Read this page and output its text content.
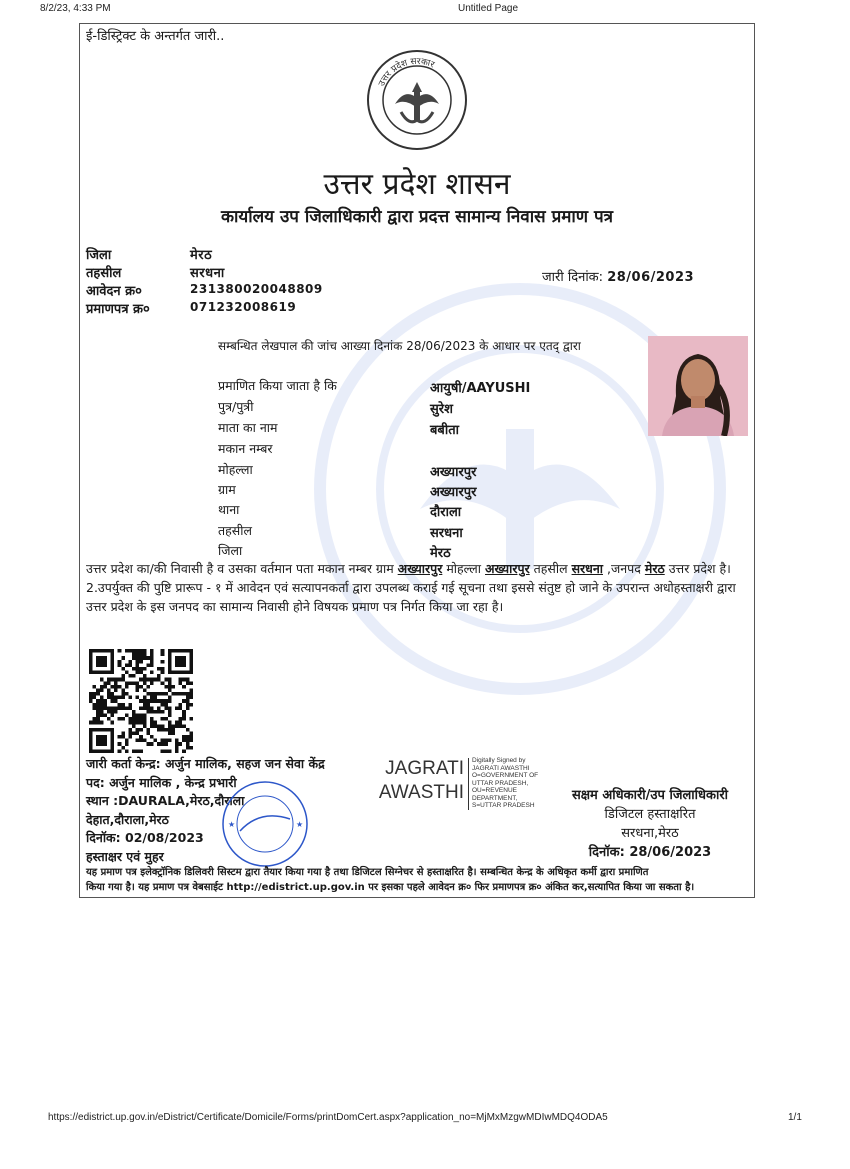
8/2/23, 4:33 PM	Untitled Page
ई-डिस्ट्रिक्ट के अन्तर्गत जारी..
उत्तर प्रदेश सरकार
उत्तर प्रदेश शासन
कार्यालय उप जिलाधिकारी द्वारा प्रदत्त सामान्य निवास प्रमाण पत्र
जिला	मेरठ
तहसील	सरधना
आवेदन क्र०	231380020048809
प्रमाणपत्र क्र०	071232008619
जारी दिनांक: 28/06/2023
सम्बन्धित लेखपाल की जांच आख्या दिनांक 28/06/2023 के आधार पर एतद् द्वारा
प्रमाणित किया जाता है कि	आयुषी/AAYUSHI
पुत्र/पुत्री	सुरेश
माता का नाम	बबीता
मकान नम्बर
मोहल्ला	अख्यारपुर
ग्राम	अख्यारपुर
थाना	दौराला
तहसील	सरधना
जिला	मेरठ
उत्तर प्रदेश का/की निवासी है व उसका वर्तमान पता मकान नम्बर ग्राम अख्यारपुर मोहल्ला अख्यारपुर तहसील सरधना ,जनपद मेरठ उत्तर प्रदेश है।
2.उपर्युक्त की पुष्टि प्रारूप - १ में आवेदन एवं सत्यापनकर्ता द्वारा उपलब्ध कराई गई सूचना तथा इससे संतुष्ट हो जाने के उपरान्त अधोहस्ताक्षरी द्वारा उत्तर प्रदेश के इस जनपद का सामान्य निवासी होने विषयक प्रमाण पत्र निर्गत किया जा रहा है।
जारी कर्ता केन्द्र: अर्जुन मालिक, सहज जन सेवा केंद्र
पद: अर्जुन मालिक , केन्द्र प्रभारी
स्थान :DAURALA,मेरठ,दौराला
देहात,दौराला,मेरठ
दिनॉक: 02/08/2023
हस्ताक्षर एवं मुहर
★
★
JAGRATI
AWASTHI
Digitally Signed by
JAGRATI AWASTHI
O=GOVERNMENT OF
UTTAR PRADESH,
OU=REVENUE
DEPARTMENT,
S=UTTAR PRADESH
सक्षम अधिकारी/उप जिलाधिकारी
डिजिटल हस्ताक्षरित
सरधना,मेरठ
दिनॉक: 28/06/2023
यह प्रमाण पत्र इलेक्ट्रॉनिक डिलिवरी सिस्टम द्वारा तैयार किया गया है तथा डिजिटल सिग्नेचर से हस्ताक्षरित है। सम्बन्धित केन्द्र के अधिकृत कर्मी द्वारा प्रमाणित
किया गया है। यह प्रमाण पत्र वेबसाईट http://edistrict.up.gov.in पर इसका पहले आवेदन क्र० फिर प्रमाणपत्र क्र० अंकित कर,सत्यापित किया जा सकता है।
https://edistrict.up.gov.in/eDistrict/Certificate/Domicile/Forms/printDomCert.aspx?application_no=MjMxMzgwMDIwMDQ4ODA5	1/1
